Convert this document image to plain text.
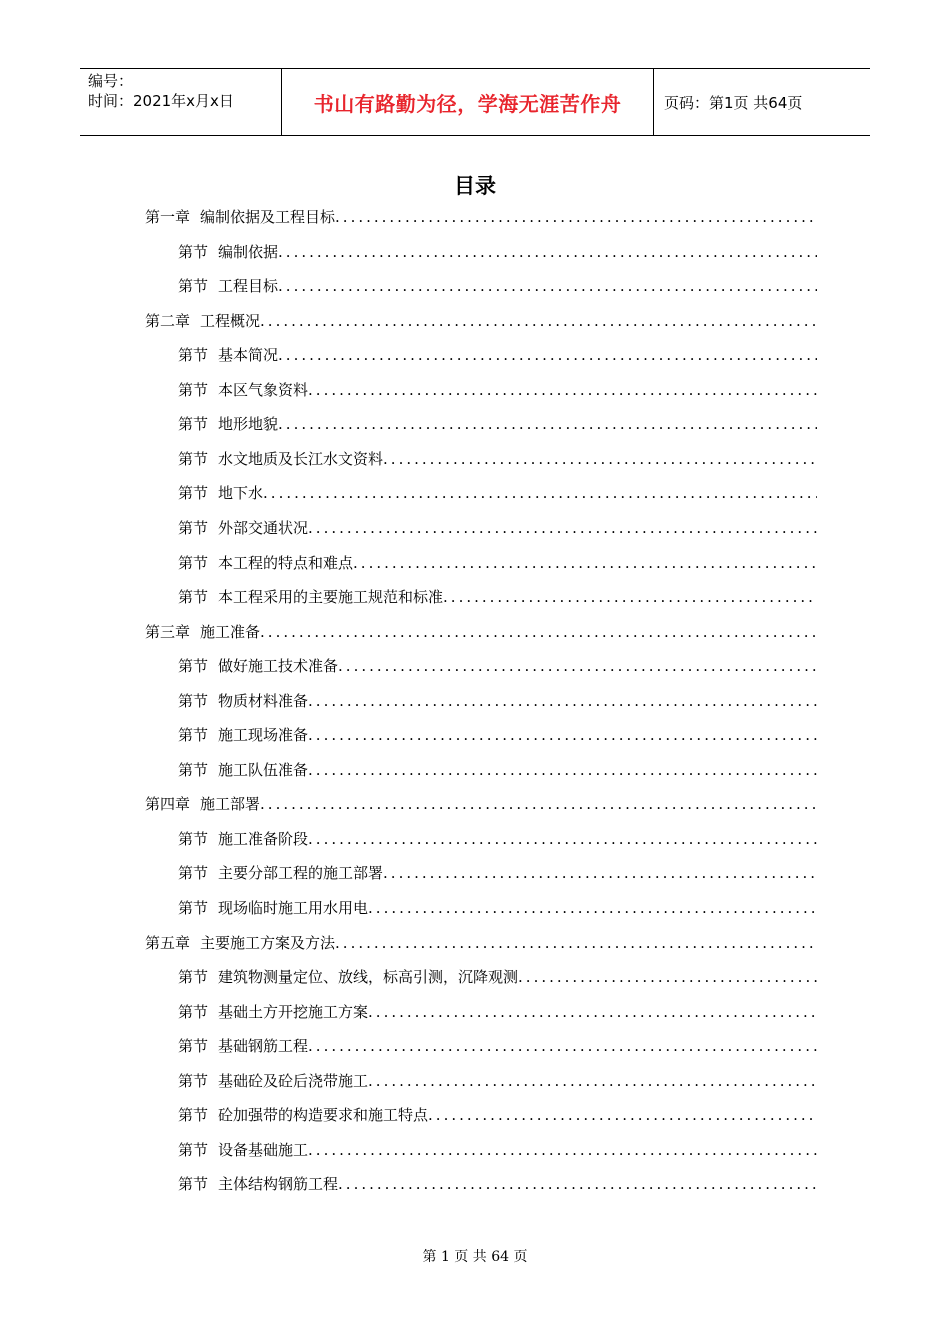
编号：
时间：2021年x月x日	书山有路勤为径，学海无涯苦作舟	页码：第1页 共64页
目录
第一章 编制依据及工程目标
.....
第节 编制依据
.....
第节 工程目标
.....
第二章 工程概况
.....
第节 基本简况
.....
第节 本区气象资料
.....
第节 地形地貌
.....
第节 水文地质及长江水文资料
.....
第节 地下水
.....
第节 外部交通状况
.....
第节 本工程的特点和难点
.....
第节 本工程采用的主要施工规范和标准
.....
第三章 施工准备
.....
第节 做好施工技术准备
.....
第节 物质材料准备
.....
第节 施工现场准备
.....
第节 施工队伍准备
.....
第四章 施工部署
.....
第节 施工准备阶段
.....
第节 主要分部工程的施工部署
.....
第节 现场临时施工用水用电
.....
第五章 主要施工方案及方法
.....
第节 建筑物测量定位、放线，标高引测，沉降观测
.....
第节 基础土方开挖施工方案
.....
第节 基础钢筋工程
.....
第节 基础砼及砼后浇带施工
.....
第节 砼加强带的构造要求和施工特点
.....
第节 设备基础施工
.....
第节 主体结构钢筋工程
.....
第 1 页 共 64 页
